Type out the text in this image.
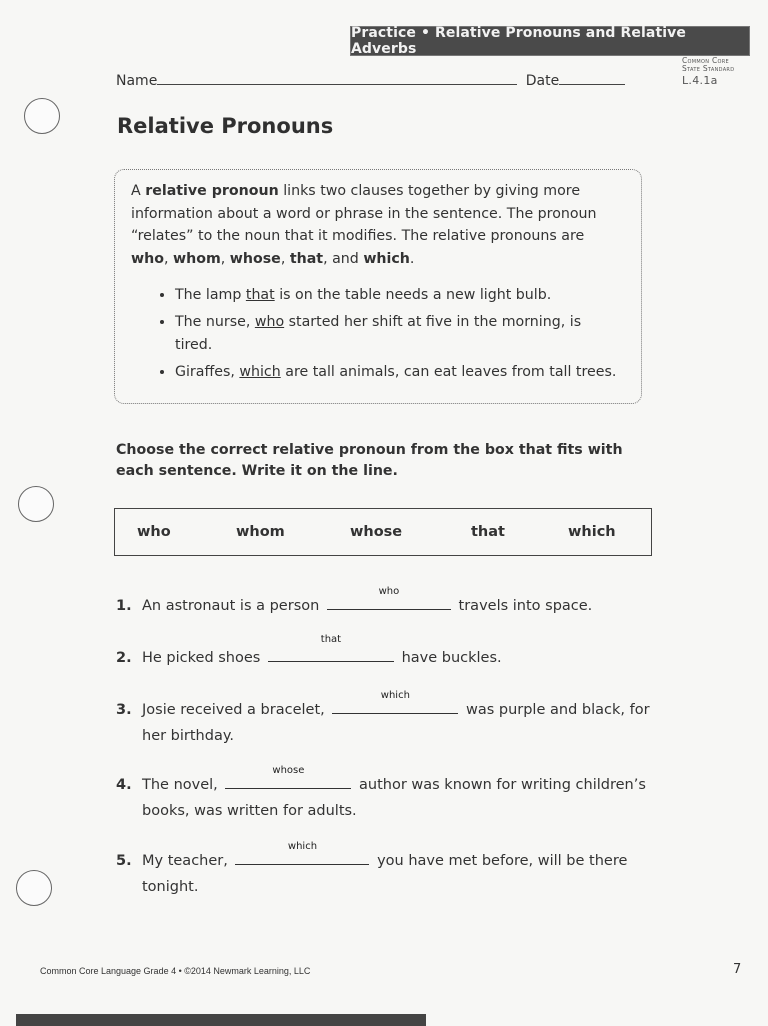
Practice • Relative Pronouns and Relative Adverbs
Common Core
State Standard
L.4.1a
Name	Date
Relative Pronouns

A relative pronoun links two clauses together by giving more information about a word or phrase in the sentence. The pronoun “relates” to the noun that it modifies. The relative pronouns are who, whom, whose, that, and which.

• The lamp that is on the table needs a new light bulb.
• The nurse, who started her shift at five in the morning, is tired.
• Giraffes, which are tall animals, can eat leaves from tall trees.

Choose the correct relative pronoun from the box that fits with each sentence. Write it on the line.

who	whom	whose	that	which
1. An astronaut is a person
who
travels into space.
2. He picked shoes
that
have buckles.
3. Josie received a bracelet,
which
was purple and black, for
her birthday.
4. The novel,
whose
author was known for writing children’s
books, was written for adults.
5. My teacher,
which
you have met before, will be there
tonight.
Common Core Language Grade 4 • ©2014 Newmark Learning, LLC	7
